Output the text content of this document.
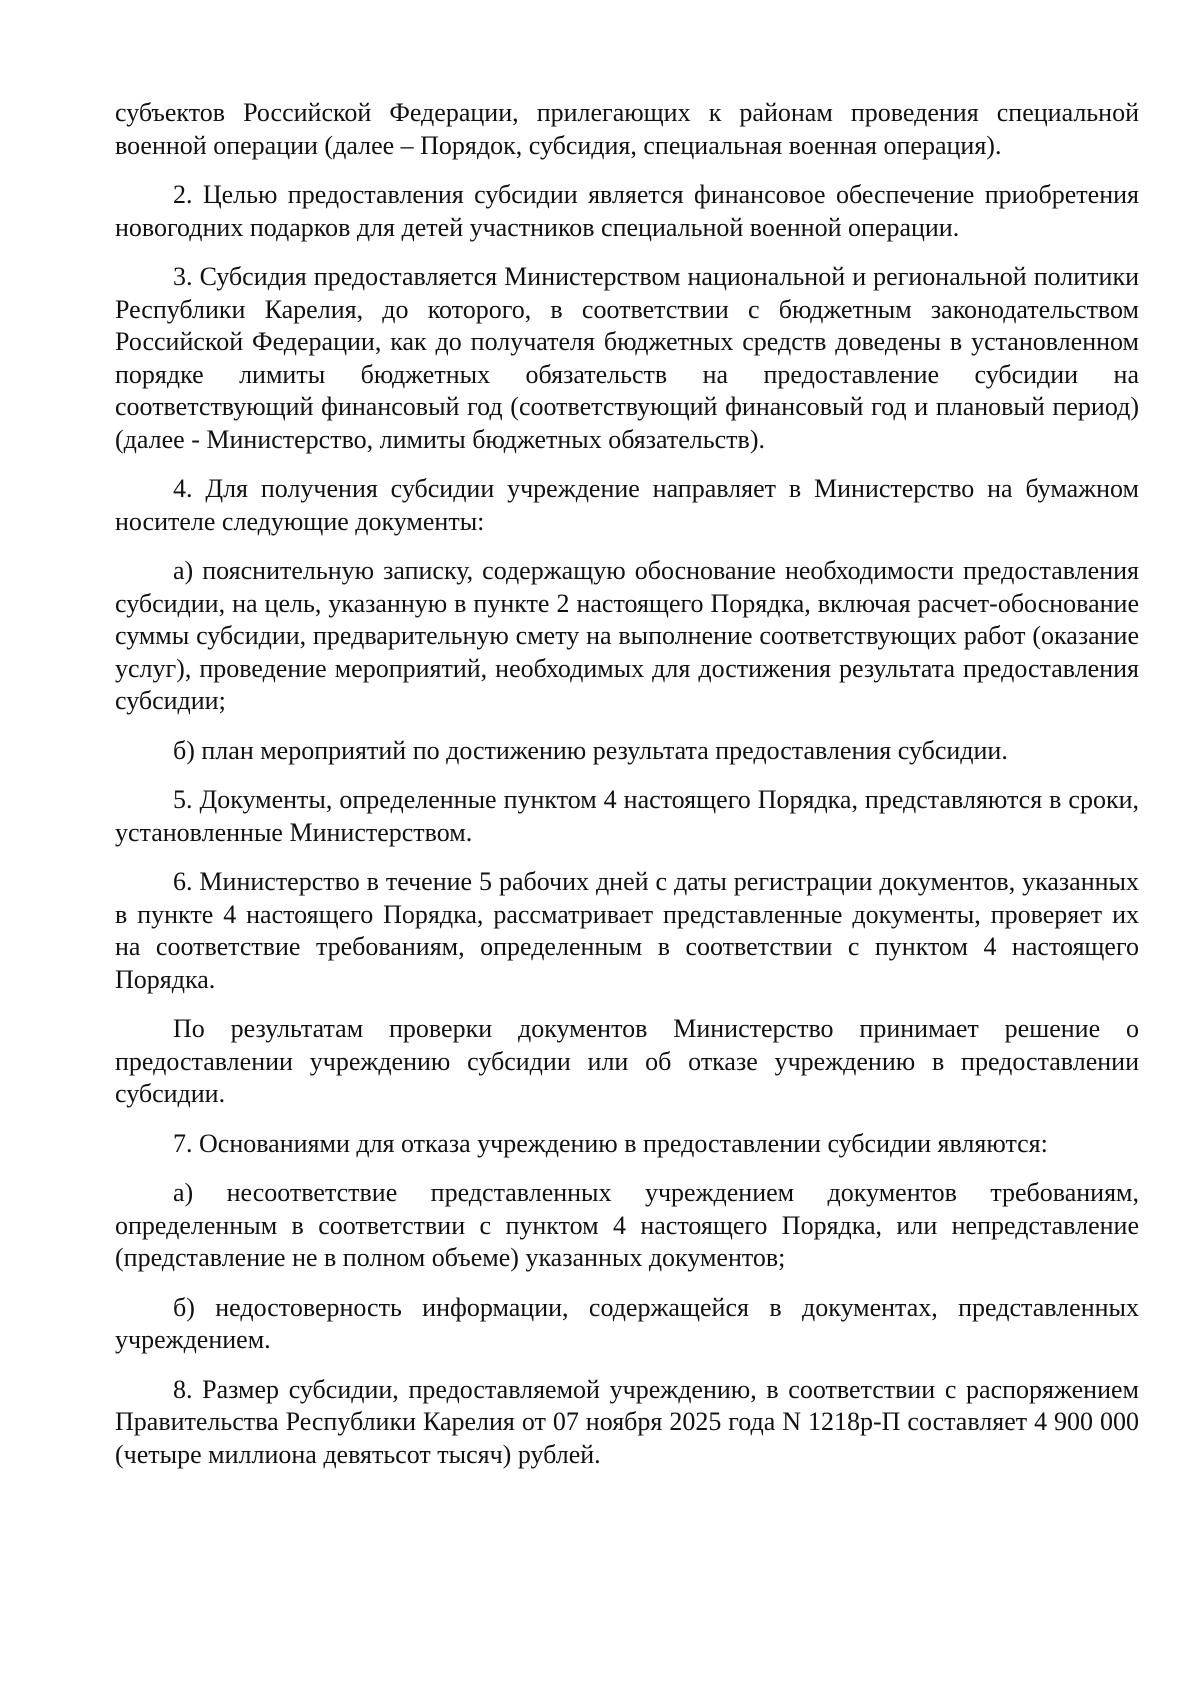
субъектов Российской Федерации, прилегающих к районам проведения специальной военной операции (далее – Порядок, субсидия, специальная военная операция).

2. Целью предоставления субсидии является финансовое обеспечение приобретения новогодних подарков для детей участников специальной военной операции.

3. Субсидия предоставляется Министерством национальной и региональной политики Республики Карелия, до которого, в соответствии с бюджетным законодательством Российской Федерации, как до получателя бюджетных средств доведены в установленном порядке лимиты бюджетных обязательств на предоставление субсидии на соответствующий финансовый год (соответствующий финансовый год и плановый период) (далее - Министерство, лимиты бюджетных обязательств).

4. Для получения субсидии учреждение направляет в Министерство на бумажном носителе следующие документы:

а) пояснительную записку, содержащую обоснование необходимости предоставления субсидии, на цель, указанную в пункте 2 настоящего Порядка, включая расчет-обоснование суммы субсидии, предварительную смету на выполнение соответствующих работ (оказание услуг), проведение мероприятий, необходимых для достижения результата предоставления субсидии;

б) план мероприятий по достижению результата предоставления субсидии.

5. Документы, определенные пунктом 4 настоящего Порядка, представляются в сроки, установленные Министерством.

6. Министерство в течение 5 рабочих дней с даты регистрации документов, указанных в пункте 4 настоящего Порядка, рассматривает представленные документы, проверяет их на соответствие требованиям, определенным в соответствии с пунктом 4 настоящего Порядка.

По результатам проверки документов Министерство принимает решение о предоставлении учреждению субсидии или об отказе учреждению в предоставлении субсидии.

7. Основаниями для отказа учреждению в предоставлении субсидии являются:

а) несоответствие представленных учреждением документов требованиям, определенным в соответствии с пунктом 4 настоящего Порядка, или непредставление (представление не в полном объеме) указанных документов;

б) недостоверность информации, содержащейся в документах, представленных учреждением.

8. Размер субсидии, предоставляемой учреждению, в соответствии с распоряжением Правительства Республики Карелия от 07 ноября 2025 года N 1218р-П составляет 4 900 000 (четыре миллиона девятьсот тысяч) рублей.
